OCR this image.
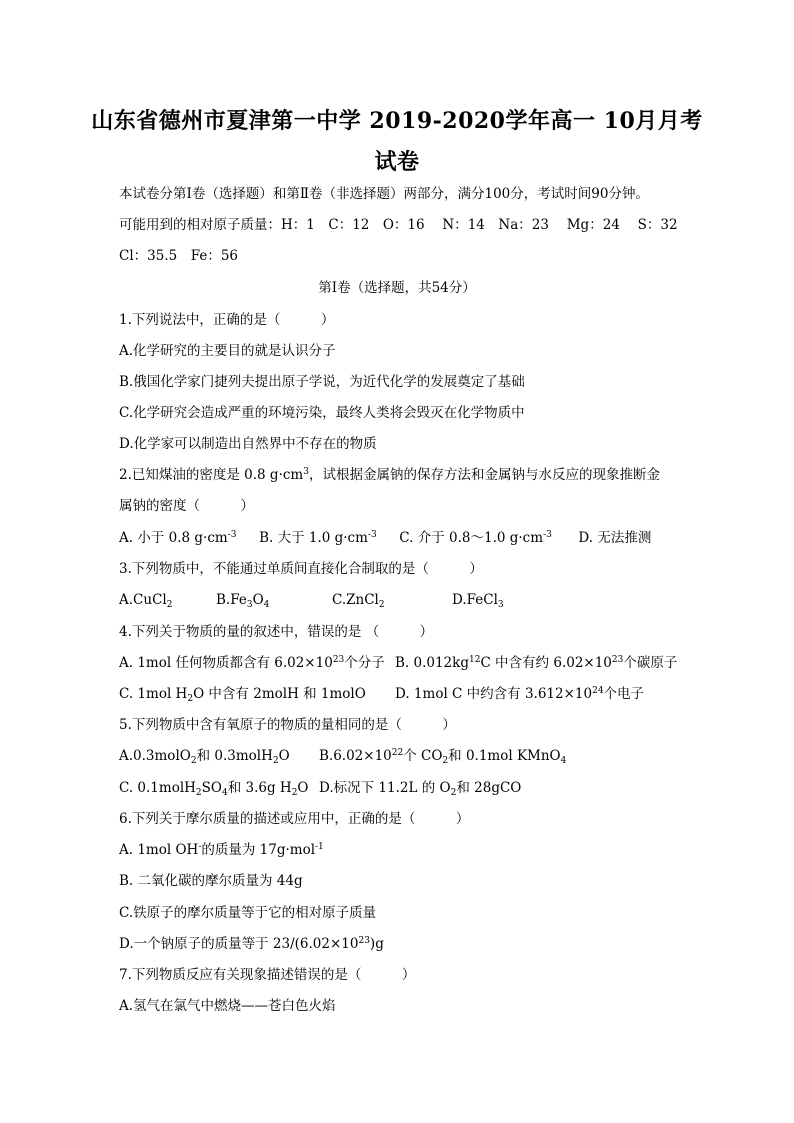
山东省德州市夏津第一中学 2019-2020学年高一 10月月考
试卷
本试卷分第Ⅰ卷（选择题）和第Ⅱ卷（非选择题）两部分，满分100分，考试时间90分钟。
可能用到的相对原子质量：H：1　C：12　O：16　 N：14　Na：23　 Mg：24　 S：32
Cl：35.5　Fe：56
第Ⅰ卷（选择题，共54分）
1.下列说法中，正确的是（　　　）
A.化学研究的主要目的就是认识分子
B.俄国化学家门捷列夫提出原子学说，为近代化学的发展奠定了基础
C.化学研究会造成严重的环境污染，最终人类将会毁灭在化学物质中
D.化学家可以制造出自然界中不存在的物质
2.已知煤油的密度是 0.8 $g\cdot cm^3$，试根据金属钠的保存方法和金属钠与水反应的现象推断金
属钠的密度（　　　）
A. 小于 0.8 $g\cdot cm^{-3}$ B. 大于 1.0 $g\cdot cm^{-3}$ C. 介于 0.8～1.0 $g\cdot cm^{-3}$ D. 无法推测
3.下列物质中，不能通过单质间直接化合制取的是（　　　）
A.CuCl$_2$	$B.Fe_3O_4$	C.ZnCl$_2$	D.FeCl$_3$
4.下列关于物质的量的叙述中，错误的是 （　　　）
A. 1mol 任何物质都含有 $6.02\times 10^{23}$个分子 B. $0.012kg^{12}C$ 中含有约 $6.02\times 10^{23}$个碳原子
C. 1mol $H_2O$ 中含有 2molH 和 1molO D. 1mol C 中约含有 $3.612\times 10^{24}$个电子
5.下列物质中含有氧原子的物质的量相同的是（　　　）
A.0.3molO$_2$和 0.3molH$_2$O $B.6.02\times 10^{22}$个 $CO_2$和 0.1mol KMnO$_4$
C. $0.1molH_2SO_4$和 3.6g $H_2O$ D.标况下 11.2L 的 $O_2$和 28gCO
6.下列关于摩尔质量的描述或应用中，正确的是（　　　）
A. 1mol OH-的质量为 17g·mol$^{-1}$
B. 二氧化碳的摩尔质量为 44g
C.铁原子的摩尔质量等于它的相对原子质量
D.一个钠原子的质量等于 $23/(6.02\times 10^{23})g$
7.下列物质反应有关现象描述错误的是（　　　）
A.氢气在氯气中燃烧——苍白色火焰
